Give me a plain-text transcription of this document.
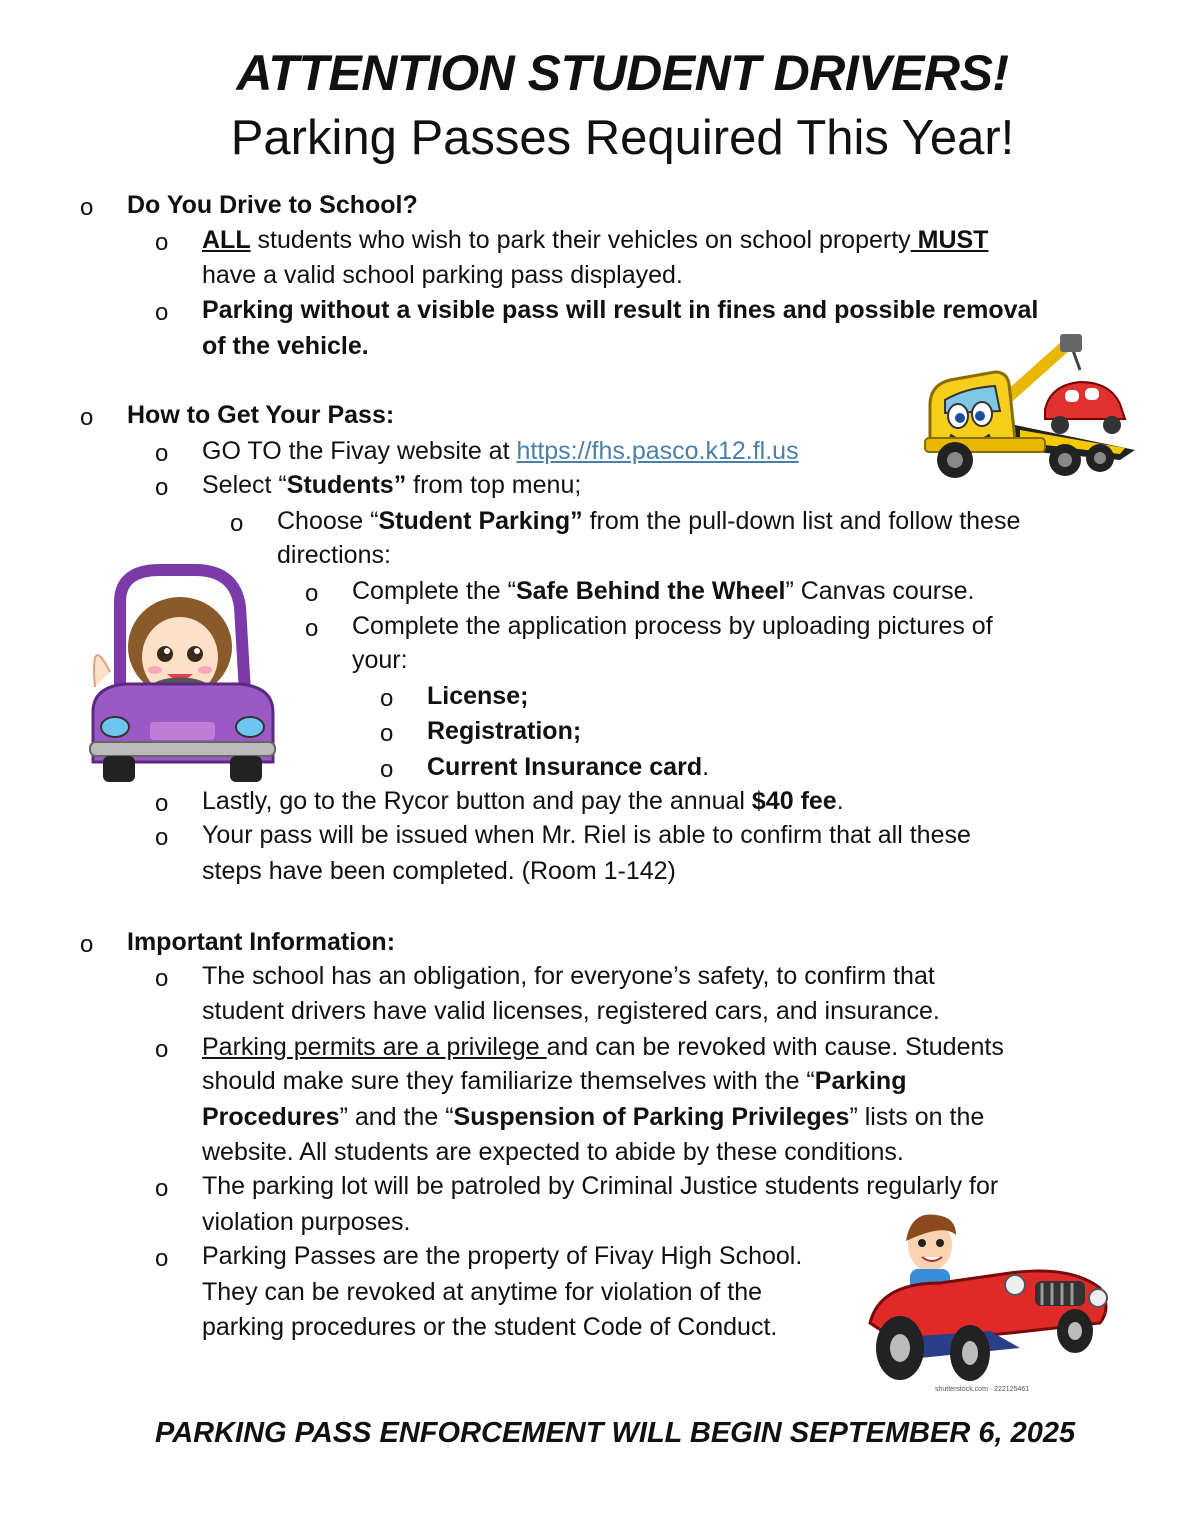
ATTENTION STUDENT DRIVERS!
Parking Passes Required This Year!
o Do You Drive to School?
o ALL students who wish to park their vehicles on school property MUST
have a valid school parking pass displayed.
o Parking without a visible pass will result in fines and possible removal
of the vehicle.
o How to Get Your Pass:
o GO TO the Fivay website at https://fhs.pasco.k12.fl.us
o Select “Students” from top menu;
o Choose “Student Parking” from the pull-down list and follow these
directions:
o Complete the “Safe Behind the Wheel” Canvas course.
o Complete the application process by uploading pictures of
your:
o License;
o Registration;
o Current Insurance card.
o Lastly, go to the Rycor button and pay the annual $40 fee.
o Your pass will be issued when Mr. Riel is able to confirm that all these
steps have been completed. (Room 1-142)
o Important Information:
o The school has an obligation, for everyone’s safety, to confirm that
student drivers have valid licenses, registered cars, and insurance.
o Parking permits are a privilege and can be revoked with cause. Students
should make sure they familiarize themselves with the “Parking
Procedures” and the “Suspension of Parking Privileges” lists on the
website. All students are expected to abide by these conditions.
o The parking lot will be patroled by Criminal Justice students regularly for
violation purposes.
o Parking Passes are the property of Fivay High School.
They can be revoked at anytime for violation of the
parking procedures or the student Code of Conduct.

PARKING PASS ENFORCEMENT WILL BEGIN SEPTEMBER 6, 2025

shutterstock.com · 222125461
